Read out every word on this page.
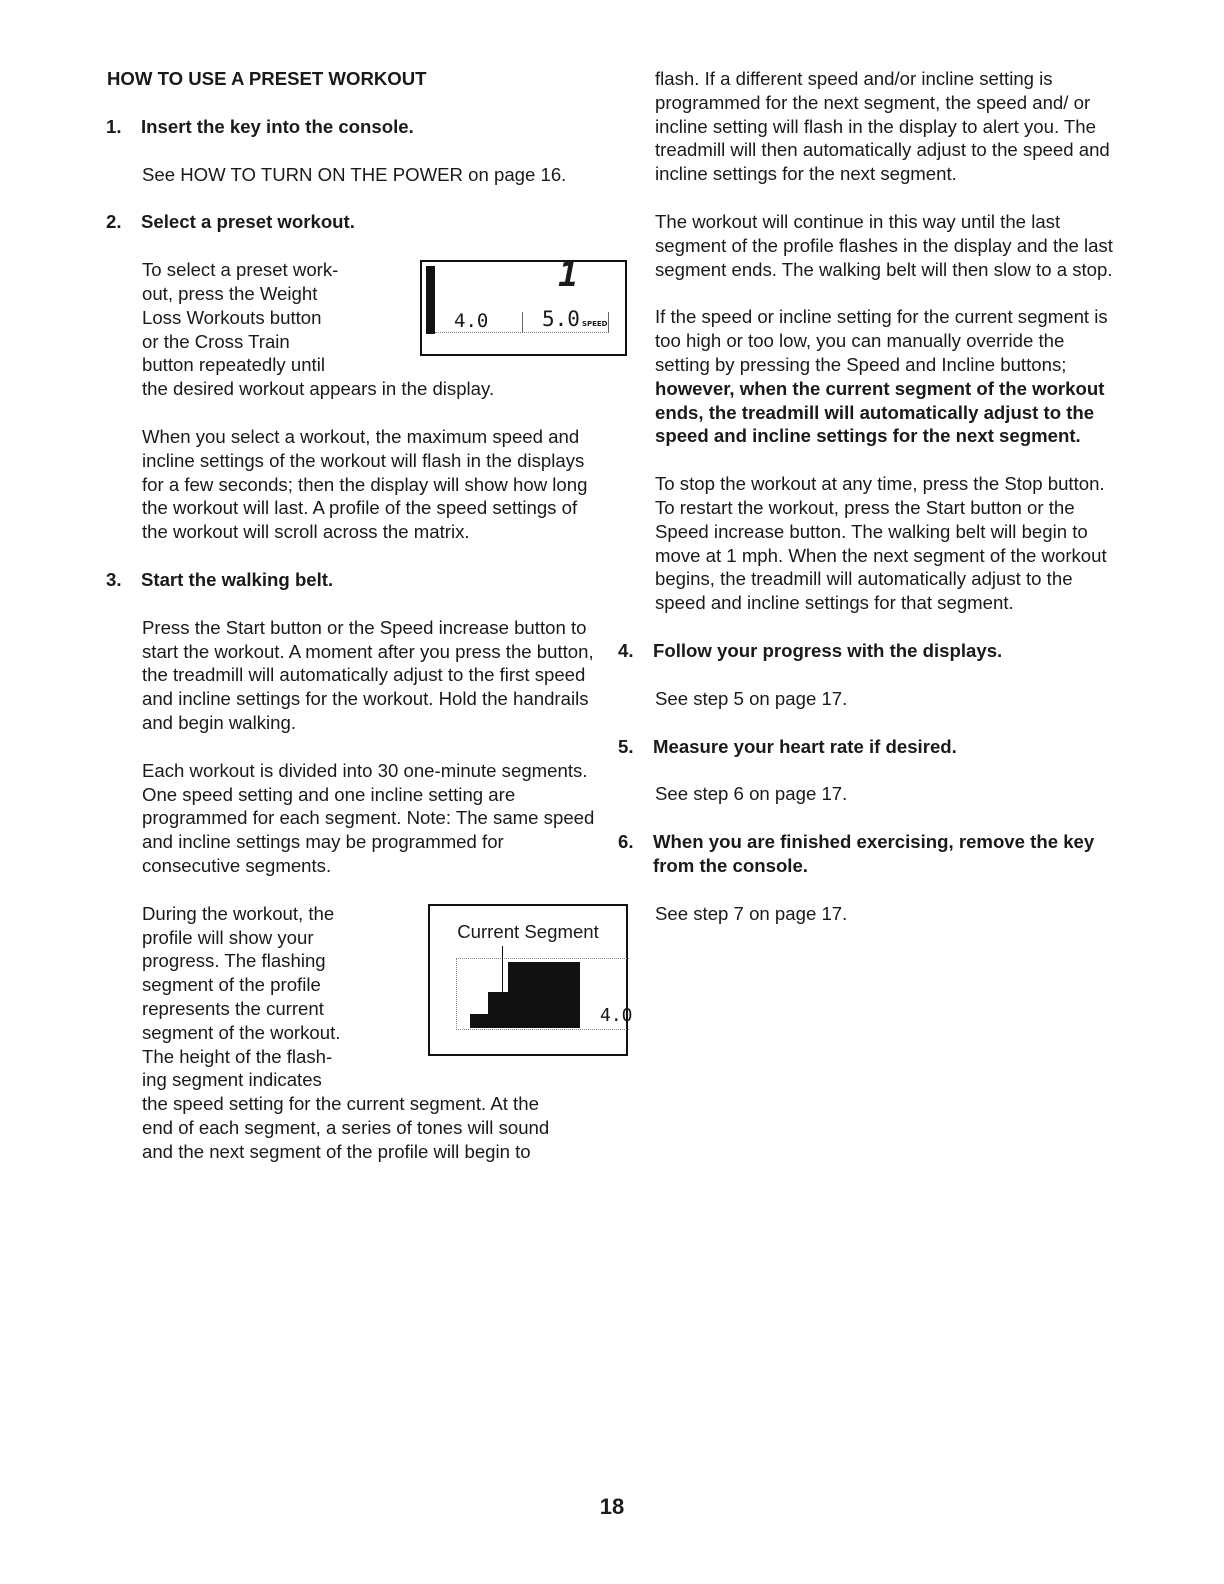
HOW TO USE A PRESET WORKOUT

1.	Insert the key into the console.

See HOW TO TURN ON THE POWER on page 16.

2.	Select a preset workout.

To select a preset work-
out, press the Weight
Loss Workouts button
or the Cross Train
button repeatedly until
the desired workout appears in the display.

1
4.0	5.0 SPEED

When you select a workout, the maximum speed and incline settings of the workout will flash in the displays for a few seconds; then the display will show how long the workout will last. A profile of the speed settings of the workout will scroll across the matrix.

3.	Start the walking belt.

Press the Start button or the Speed increase button to start the workout. A moment after you press the button, the treadmill will automatically adjust to the first speed and incline settings for the workout. Hold the handrails and begin walking.

Each workout is divided into 30 one-minute segments. One speed setting and one incline setting are programmed for each segment. Note: The same speed and incline settings may be programmed for consecutive segments.

During the workout, the
profile will show your
progress. The flashing
segment of the profile
represents the current
segment of the workout.
The height of the flash-
ing segment indicates
the speed setting for the current segment. At the
end of each segment, a series of tones will sound
and the next segment of the profile will begin to

Current Segment
4.0

flash. If a different speed and/or incline setting is programmed for the next segment, the speed and/ or incline setting will flash in the display to alert you. The treadmill will then automatically adjust to the speed and incline settings for the next segment.

The workout will continue in this way until the last segment of the profile flashes in the display and the last segment ends. The walking belt will then slow to a stop.

If the speed or incline setting for the current segment is too high or too low, you can manually override the setting by pressing the Speed and Incline buttons; however, when the current segment of the workout ends, the treadmill will automatically adjust to the speed and incline settings for the next segment.

To stop the workout at any time, press the Stop button. To restart the workout, press the Start button or the Speed increase button. The walking belt will begin to move at 1 mph. When the next segment of the workout begins, the treadmill will automatically adjust to the speed and incline settings for that segment.

4.	Follow your progress with the displays.

See step 5 on page 17.

5.	Measure your heart rate if desired.

See step 6 on page 17.

6.	When you are finished exercising, remove the key from the console.

See step 7 on page 17.

18
